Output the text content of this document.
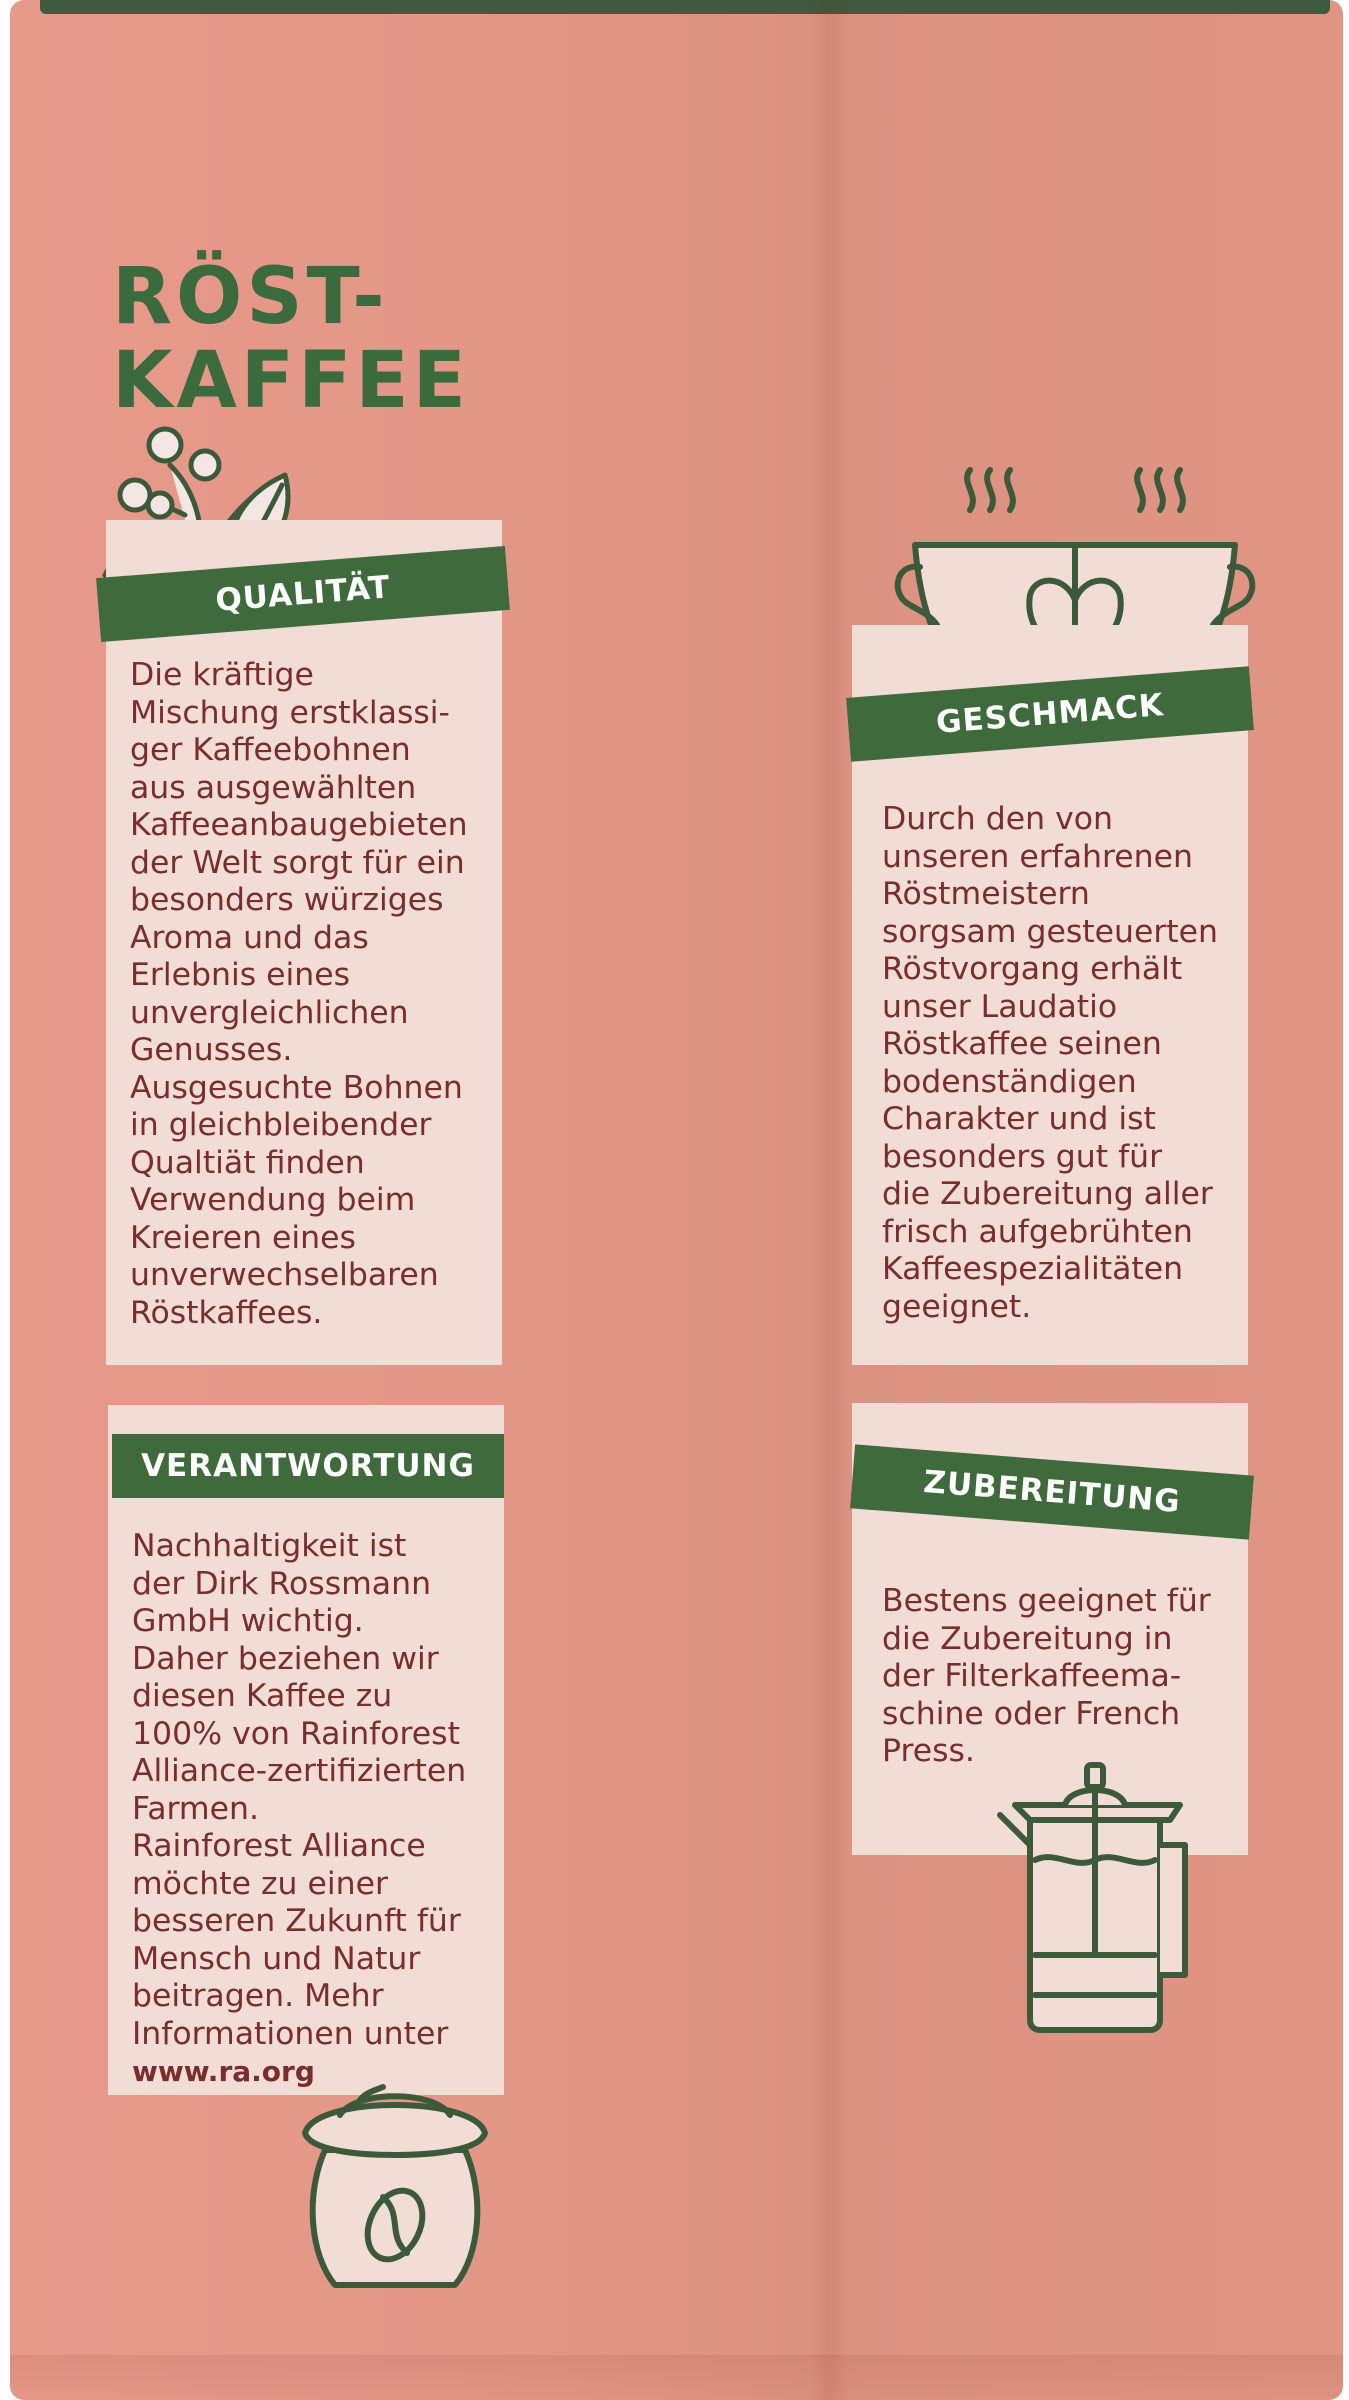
RÖST-
KAFFEE
QUALITÄT
Die kräftige
Mischung erstklassi-
ger Kaffeebohnen
aus ausgewählten
Kaffeeanbaugebieten
der Welt sorgt für ein
besonders würziges
Aroma und das
Erlebnis eines
unvergleichlichen
Genusses.
Ausgesuchte Bohnen
in gleichbleibender
Qualtiät finden
Verwendung beim
Kreieren eines
unverwechselbaren
Röstkaffees.
GESCHMACK
Durch den von
unseren erfahrenen
Röstmeistern
sorgsam gesteuerten
Röstvorgang erhält
unser Laudatio
Röstkaffee seinen
bodenständigen
Charakter und ist
besonders gut für
die Zubereitung aller
frisch aufgebrühten
Kaffeespezialitäten
geeignet.
VERANTWORTUNG
Nachhaltigkeit ist
der Dirk Rossmann
GmbH wichtig.
Daher beziehen wir
diesen Kaffee zu
100% von Rainforest
Alliance-zertifizierten
Farmen.
Rainforest Alliance
möchte zu einer
besseren Zukunft für
Mensch und Natur
beitragen. Mehr
Informationen unter
www.ra.org
ZUBEREITUNG
Bestens geeignet für
die Zubereitung in
der Filterkaffeema-
schine oder French
Press.
